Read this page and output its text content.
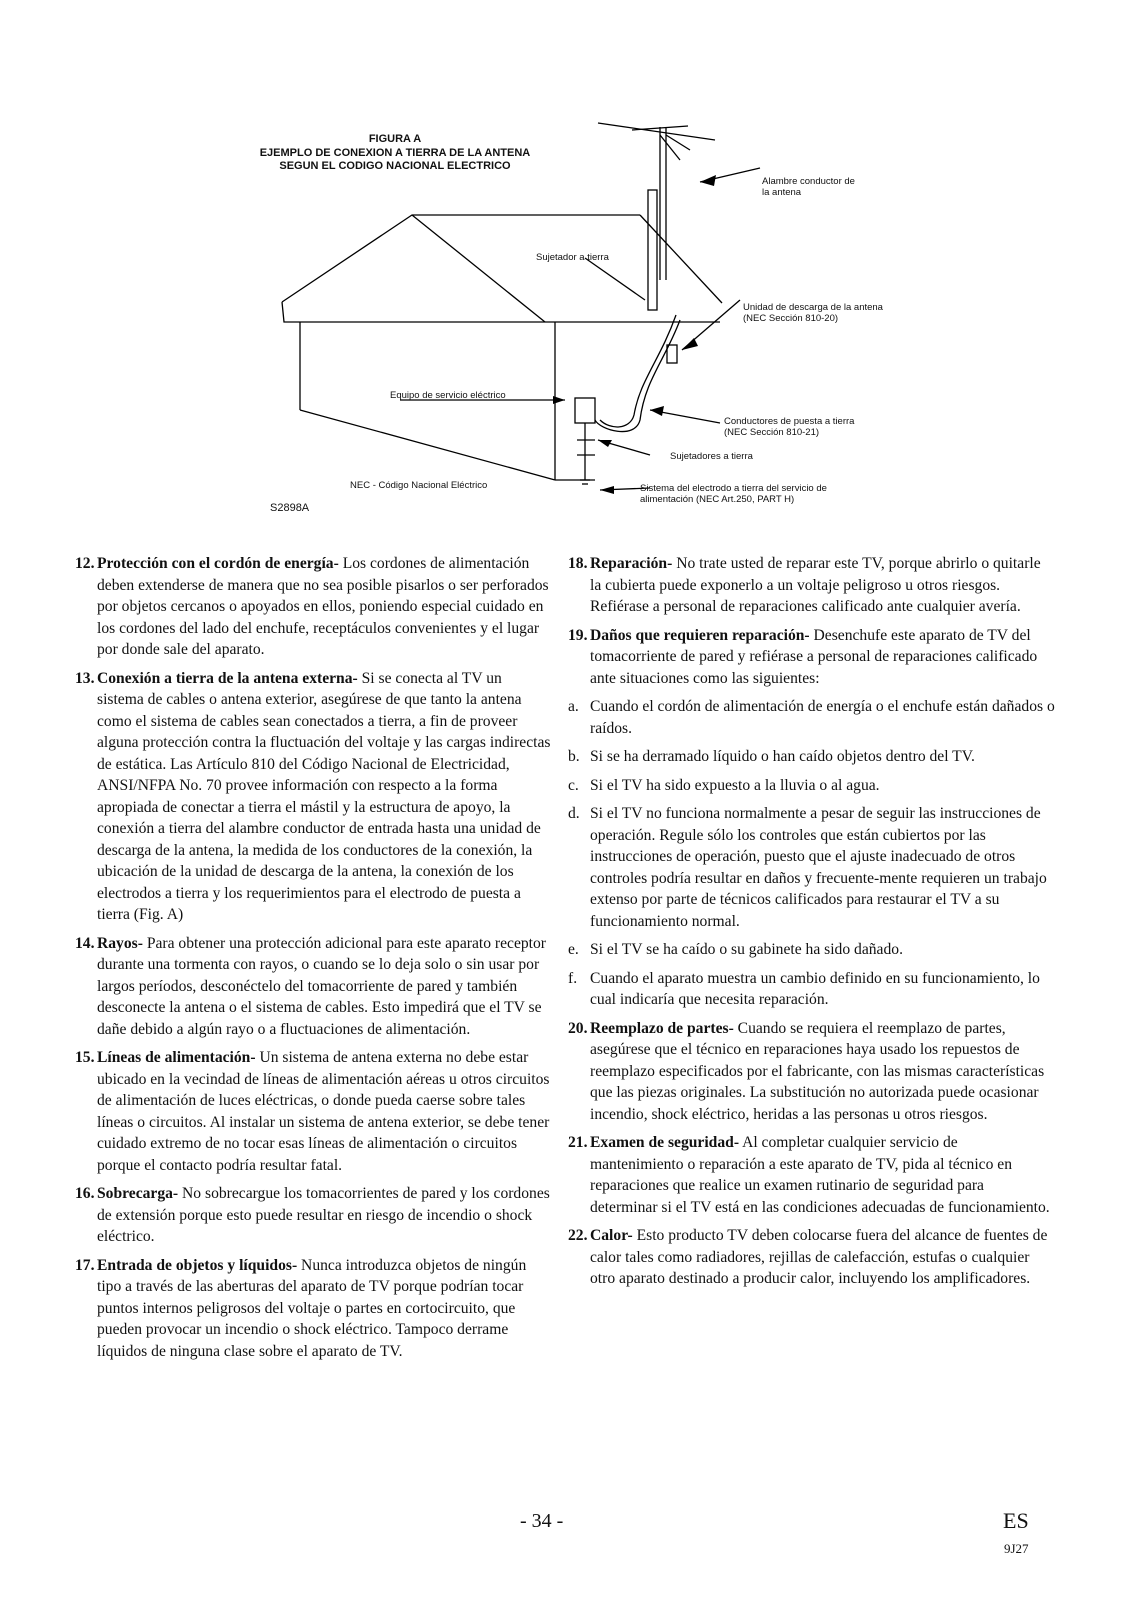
FIGURA A
EJEMPLO DE CONEXION A TIERRA DE LA ANTENA
SEGUN EL CODIGO NACIONAL ELECTRICO
Alambre conductor de
la antena
Sujetador a tierra
Unidad de descarga de la antena
(NEC Sección 810-20)
Equipo de servicio eléctrico
Conductores de puesta a tierra
(NEC Sección 810-21)
Sujetadores a tierra
NEC - Código Nacional Eléctrico	Sistema del electrodo a tierra del servicio de
alimentación (NEC Art.250, PART H)
S2898A
12. Protección con el cordón de energía- Los cordones de alimentación deben extenderse de manera que no sea posible pisarlos o ser perforados por objetos cercanos o apoyados en ellos, poniendo especial cuidado en los cordones del lado del enchufe, receptáculos convenientes y el lugar por donde sale del aparato.
13. Conexión a tierra de la antena externa- Si se conecta al TV un sistema de cables o antena exterior, asegúrese de que tanto la antena como el sistema de cables sean conectados a tierra, a fin de proveer alguna protección contra la fluctuación del voltaje y las cargas indirectas de estática. Las Artículo 810 del Código Nacional de Electricidad, ANSI/NFPA No. 70 provee información con respecto a la forma apropiada de conectar a tierra el mástil y la estructura de apoyo, la conexión a tierra del alambre conductor de entrada hasta una unidad de descarga de la antena, la medida de los conductores de la conexión, la ubicación de la unidad de descarga de la antena, la conexión de los electrodos a tierra y los requerimientos para el electrodo de puesta a tierra (Fig. A)
14. Rayos- Para obtener una protección adicional para este aparato receptor durante una tormenta con rayos, o cuando se lo deja solo o sin usar por largos períodos, desconéctelo del tomacorriente de pared y también desconecte la antena o el sistema de cables. Esto impedirá que el TV se dañe debido a algún rayo o a fluctuaciones de alimentación.
15. Líneas de alimentación- Un sistema de antena externa no debe estar ubicado en la vecindad de líneas de alimentación aéreas u otros circuitos de alimentación de luces eléctricas, o donde pueda caerse sobre tales líneas o circuitos. Al instalar un sistema de antena exterior, se debe tener cuidado extremo de no tocar esas líneas de alimentación o circuitos porque el contacto podría resultar fatal.
16. Sobrecarga- No sobrecargue los tomacorrientes de pared y los cordones de extensión porque esto puede resultar en riesgo de incendio o shock eléctrico.
17. Entrada de objetos y líquidos- Nunca introduzca objetos de ningún tipo a través de las aberturas del aparato de TV porque podrían tocar puntos internos peligrosos del voltaje o partes en cortocircuito, que pueden provocar un incendio o shock eléctrico. Tampoco derrame líquidos de ninguna clase sobre el aparato de TV.
18. Reparación- No trate usted de reparar este TV, porque abrirlo o quitarle la cubierta puede exponerlo a un voltaje peligroso u otros riesgos. Refiérase a personal de reparaciones calificado ante cualquier avería.
19. Daños que requieren reparación- Desenchufe este aparato de TV del tomacorriente de pared y refiérase a personal de reparaciones calificado ante situaciones como las siguientes:
a. Cuando el cordón de alimentación de energía o el enchufe están dañados o raídos.
b. Si se ha derramado líquido o han caído objetos dentro del TV.
c. Si el TV ha sido expuesto a la lluvia o al agua.
d. Si el TV no funciona normalmente a pesar de seguir las instrucciones de operación. Regule sólo los controles que están cubiertos por las instrucciones de operación, puesto que el ajuste inadecuado de otros controles podría resultar en daños y frecuente-mente requieren un trabajo extenso por parte de técnicos calificados para restaurar el TV a su funcionamiento normal.
e. Si el TV se ha caído o su gabinete ha sido dañado.
f. Cuando el aparato muestra un cambio definido en su funcionamiento, lo cual indicaría que necesita reparación.
20. Reemplazo de partes- Cuando se requiera el reemplazo de partes, asegúrese que el técnico en reparaciones haya usado los repuestos de reemplazo especificados por el fabricante, con las mismas características que las piezas originales. La substitución no autorizada puede ocasionar incendio, shock eléctrico, heridas a las personas u otros riesgos.
21. Examen de seguridad- Al completar cualquier servicio de mantenimiento o reparación a este aparato de TV, pida al técnico en reparaciones que realice un examen rutinario de seguridad para determinar si el TV está en las condiciones adecuadas de funcionamiento.
22. Calor- Esto producto TV deben colocarse fuera del alcance de fuentes de calor tales como radiadores, rejillas de calefacción, estufas o cualquier otro aparato destinado a producir calor, incluyendo los amplificadores.
- 34 -	ES
9J27
